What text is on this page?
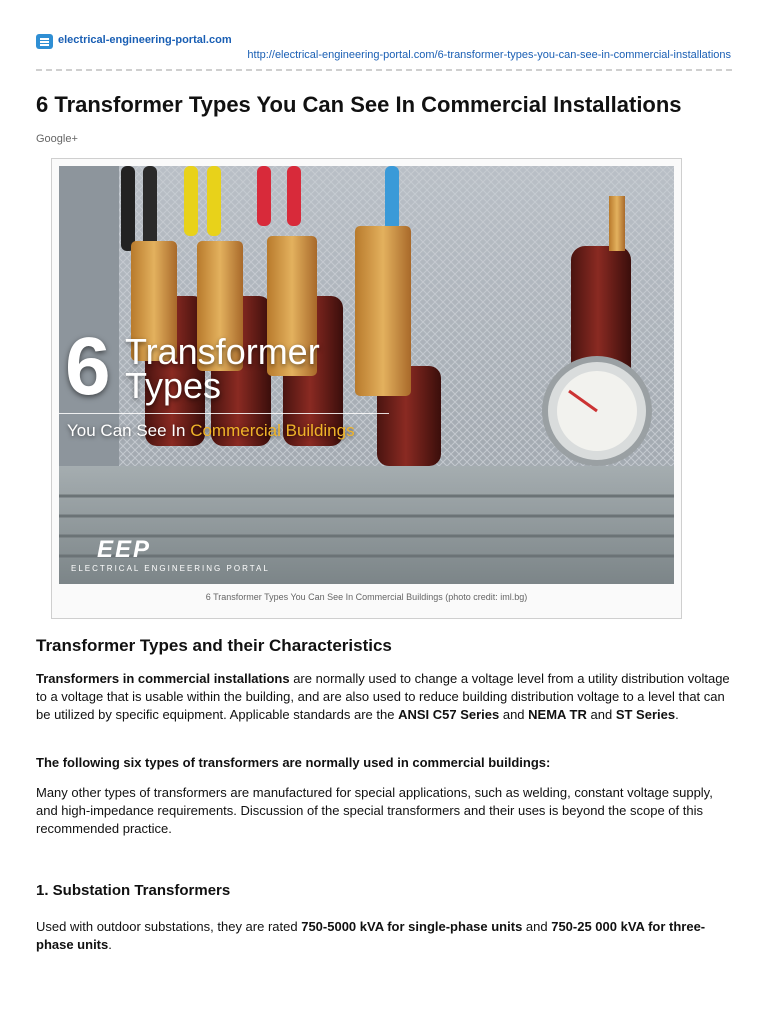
electrical-engineering-portal.com
http://electrical-engineering-portal.com/6-transformer-types-you-can-see-in-commercial-installations
6 Transformer Types You Can See In Commercial Installations
Google+
6 Transformer
Types
You Can See In Commercial Buildings
EEP
ELECTRICAL ENGINEERING PORTAL
6 Transformer Types You Can See In Commercial Buildings (photo credit: iml.bg)
Transformer Types and their Characteristics

Transformers in commercial installations are normally used to change a voltage level from a utility distribution voltage to a voltage that is usable within the building, and are also used to reduce building distribution voltage to a level that can be utilized by specific equipment. Applicable standards are the ANSI C57 Series and NEMA TR and ST Series.

The following six types of transformers are normally used in commercial buildings:

Many other types of transformers are manufactured for special applications, such as welding, constant voltage supply, and high-impedance requirements. Discussion of the special transformers and their uses is beyond the scope of this recommended practice.

1. Substation Transformers

Used with outdoor substations, they are rated 750-5000 kVA for single-phase units and 750-25 000 kVA for three-phase units.
